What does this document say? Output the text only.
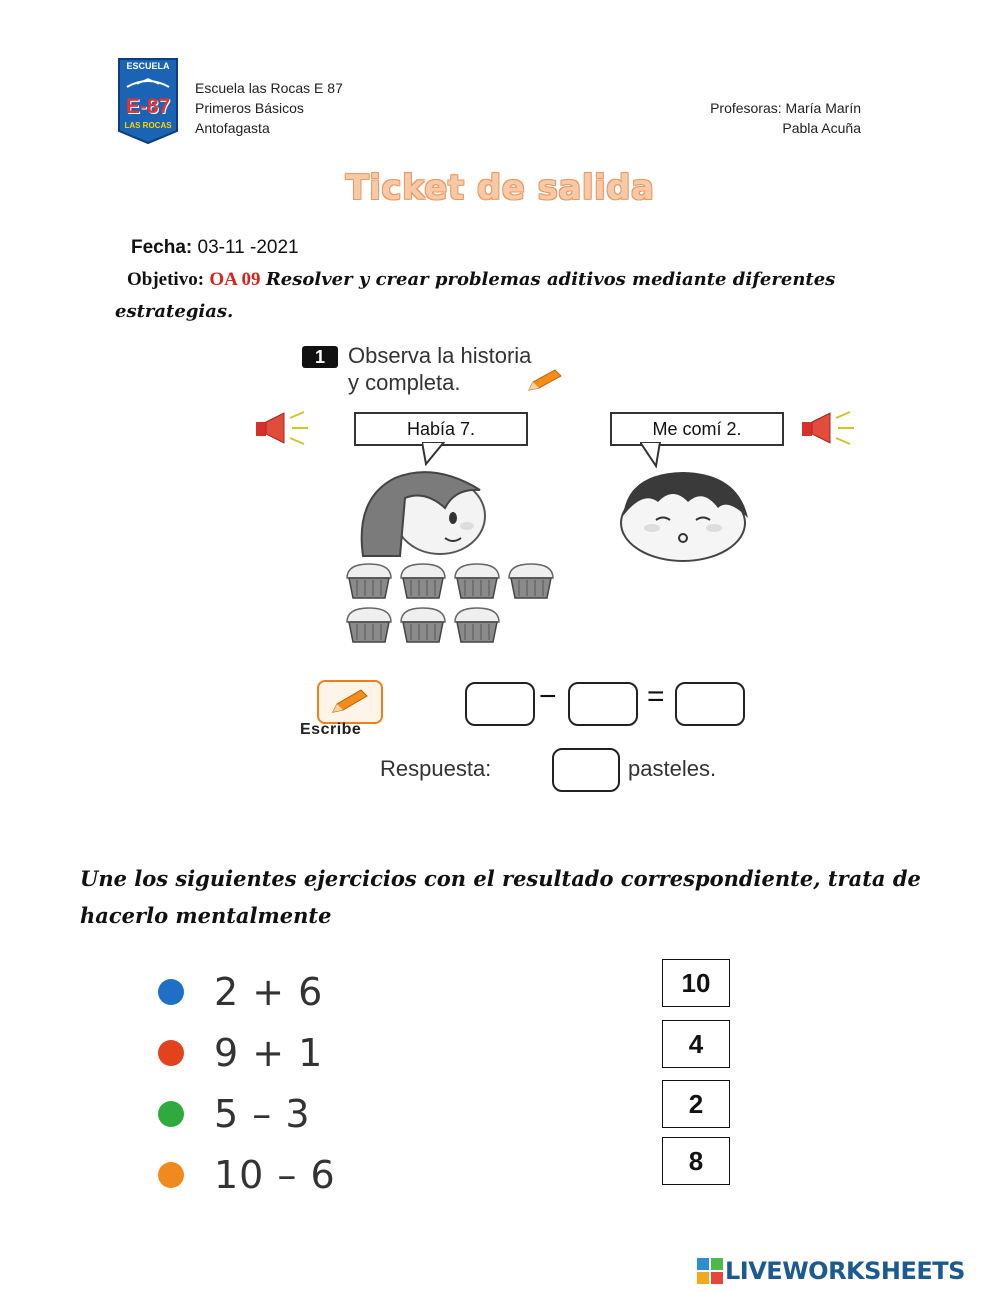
ESCUELA
E-87
LAS ROCAS
Escuela las Rocas E 87
Primeros Básicos
Antofagasta
Profesoras: María Marín
Pabla Acuña
Ticket de salida
Fecha: 03-11 -2021
Objetivo: OA 09 Resolver y crear problemas aditivos mediante diferentes
estrategias.
1	Observa la historia
y completa.
Había 7.	Me comí 2.
Escribe
−	=
Respuesta:	pasteles.
Une los siguientes ejercicios con el resultado correspondiente, trata de
hacerlo mentalmente
2 + 6
9 + 1
5 – 3
10 – 6
10
4
2
8
LIVEWORKSHEETS
